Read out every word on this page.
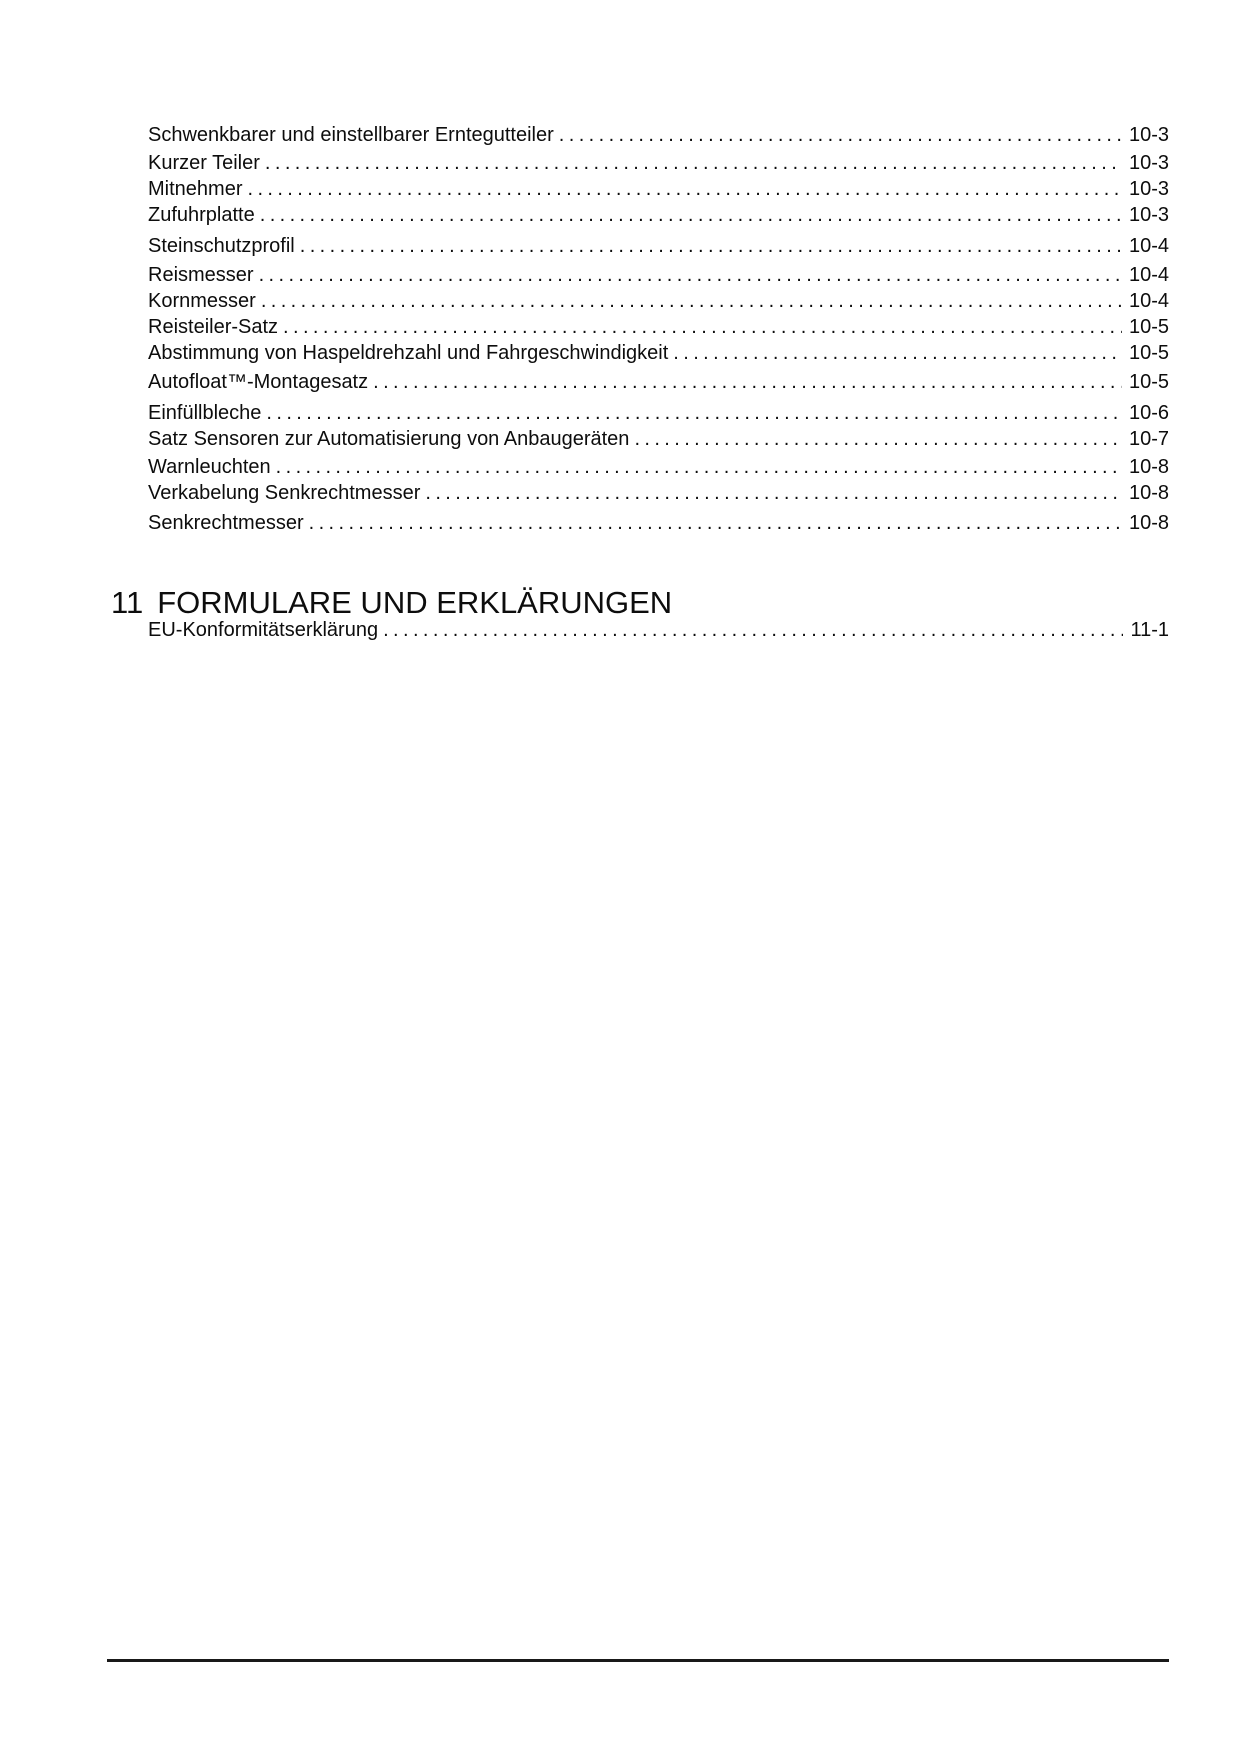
Schwenkbarer und einstellbarer Erntegutteiler .....	10-3
Kurzer Teiler .....	10-3
Mitnehmer .....	10-3
Zufuhrplatte .....	10-3
Steinschutzprofil .....	10-4
Reismesser .....	10-4
Kornmesser .....	10-4
Reisteiler-Satz .....	10-5
Abstimmung von Haspeldrehzahl und Fahrgeschwindigkeit .....	10-5
Autofloat™-Montagesatz .....	10-5
Einfüllbleche .....	10-6
Satz Sensoren zur Automatisierung von Anbaugeräten .....	10-7
Warnleuchten .....	10-8
Verkabelung Senkrechtmesser .....	10-8
Senkrechtmesser .....	10-8
11 FORMULARE UND ERKLÄRUNGEN
EU-Konformitätserklärung .....	11-1
